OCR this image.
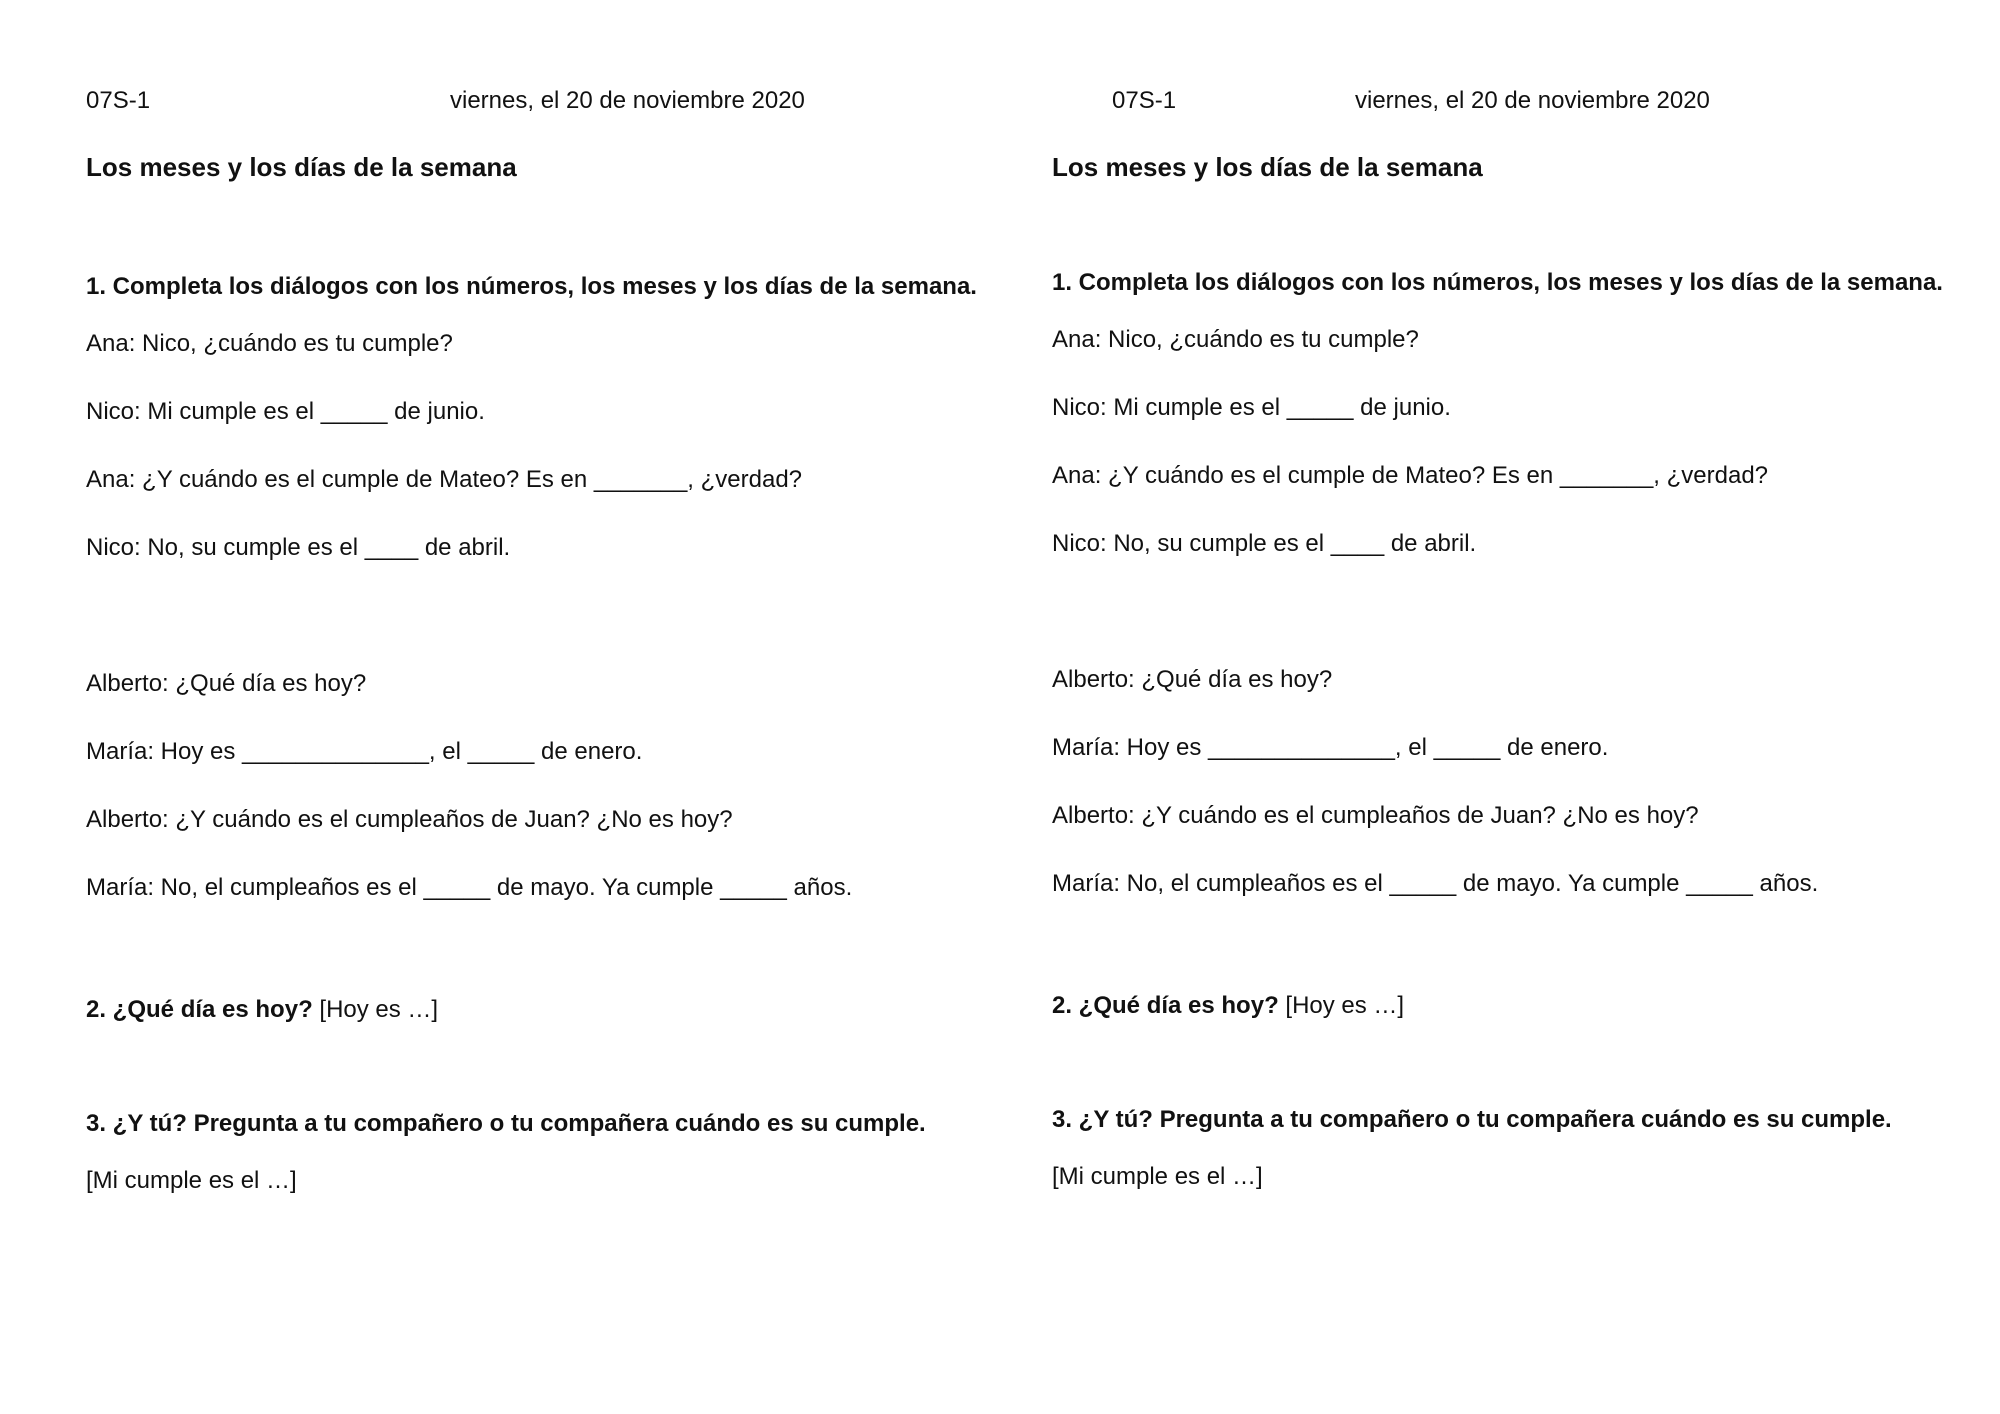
07S-1	viernes, el 20 de noviembre 2020
Los meses y los días de la semana
1. Completa los diálogos con los números, los meses y los días de la semana.
Ana: Nico, ¿cuándo es tu cumple?
Nico: Mi cumple es el _____ de junio.
Ana: ¿Y cuándo es el cumple de Mateo? Es en _______, ¿verdad?
Nico: No, su cumple es el ____ de abril.
Alberto: ¿Qué día es hoy?
María: Hoy es ______________, el _____ de enero.
Alberto: ¿Y cuándo es el cumpleaños de Juan? ¿No es hoy?
María: No, el cumpleaños es el _____ de mayo. Ya cumple _____ años.
2. ¿Qué día es hoy? [Hoy es …]
3. ¿Y tú? Pregunta a tu compañero o tu compañera cuándo es su cumple.
[Mi cumple es el …]
07S-1	viernes, el 20 de noviembre 2020
Los meses y los días de la semana
1. Completa los diálogos con los números, los meses y los días de la semana.
Ana: Nico, ¿cuándo es tu cumple?
Nico: Mi cumple es el _____ de junio.
Ana: ¿Y cuándo es el cumple de Mateo? Es en _______, ¿verdad?
Nico: No, su cumple es el ____ de abril.
Alberto: ¿Qué día es hoy?
María: Hoy es ______________, el _____ de enero.
Alberto: ¿Y cuándo es el cumpleaños de Juan? ¿No es hoy?
María: No, el cumpleaños es el _____ de mayo. Ya cumple _____ años.
2. ¿Qué día es hoy? [Hoy es …]
3. ¿Y tú? Pregunta a tu compañero o tu compañera cuándo es su cumple.
[Mi cumple es el …]
